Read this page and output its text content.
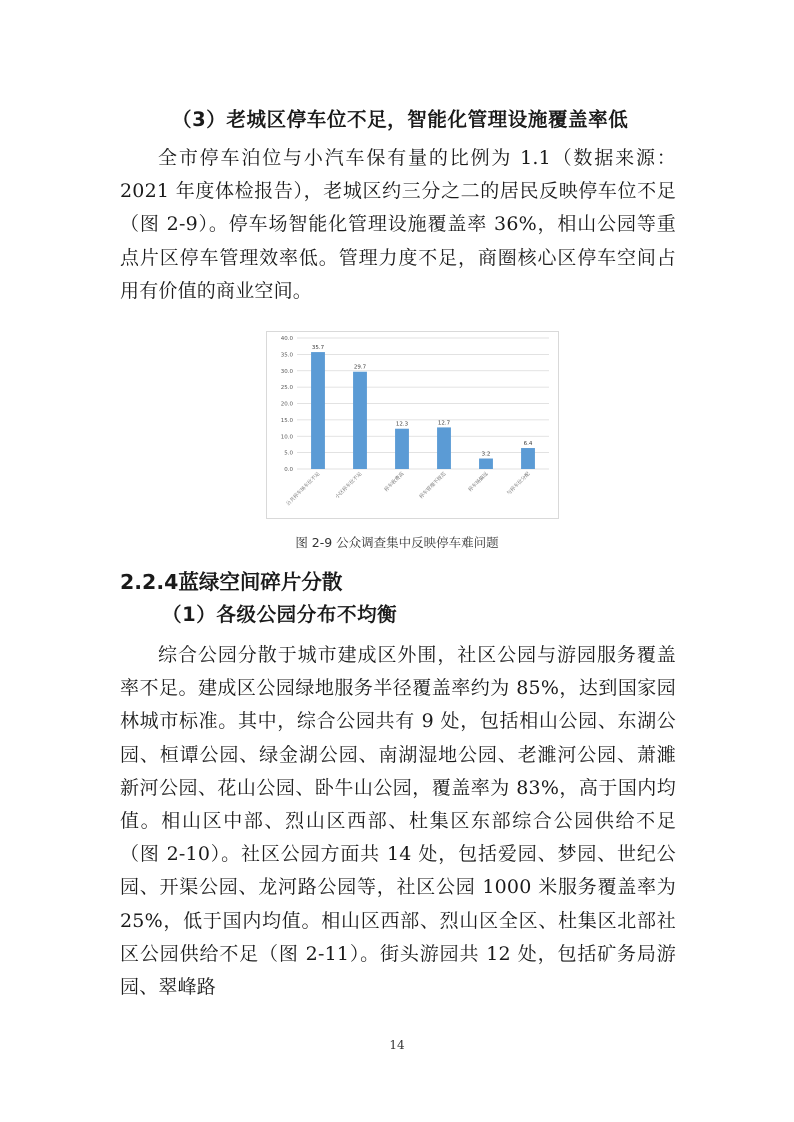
（3）老城区停车位不足，智能化管理设施覆盖率低

全市停车泊位与小汽车保有量的比例为 1.1（数据来源：2021 年度体检报告），老城区约三分之二的居民反映停车位不足（图 2-9）。停车场智能化管理设施覆盖率 36%，相山公园等重点片区停车管理效率低。管理力度不足，商圈核心区停车空间占用有价值的商业空间。

0.0
5.0
10.0
15.0
20.0
25.0
30.0
35.0
40.0
35.7
公共停车场车位不足
29.7
小区停车位不足
12.3
停车收费高
12.7
停车管理不规范
3.2
停车场偏远
6.4
与停车位分配
图 2-9 公众调查集中反映停车难问题
2.2.4蓝绿空间碎片分散
（1）各级公园分布不均衡

综合公园分散于城市建成区外围，社区公园与游园服务覆盖率不足。建成区公园绿地服务半径覆盖率约为 85%，达到国家园林城市标准。其中，综合公园共有 9 处，包括相山公园、东湖公园、桓谭公园、绿金湖公园、南湖湿地公园、老濉河公园、萧濉新河公园、花山公园、卧牛山公园，覆盖率为 83%，高于国内均值。相山区中部、烈山区西部、杜集区东部综合公园供给不足（图 2-10）。社区公园方面共 14 处，包括爱园、梦园、世纪公园、开渠公园、龙河路公园等，社区公园 1000 米服务覆盖率为 25%，低于国内均值。相山区西部、烈山区全区、杜集区北部社区公园供给不足（图 2-11）。街头游园共 12 处，包括矿务局游园、翠峰路

14
